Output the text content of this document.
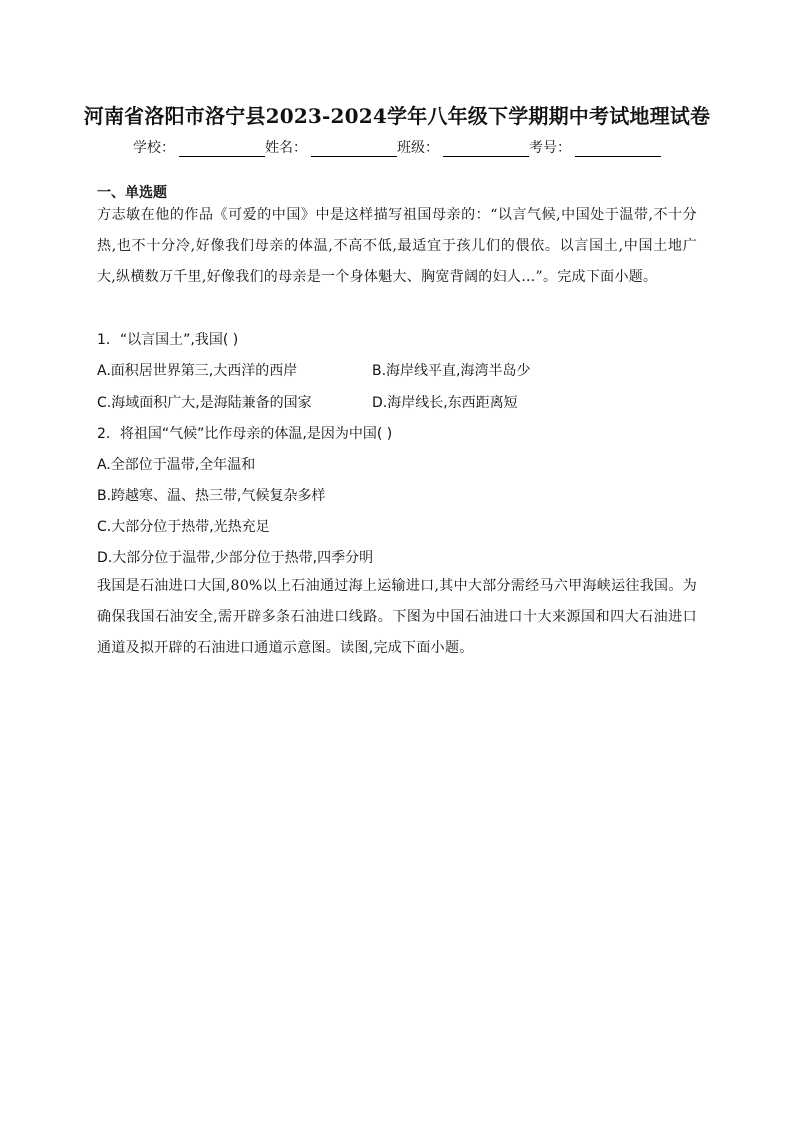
河南省洛阳市洛宁县2023-2024学年八年级下学期期中考试地理试卷
学校：	姓名：	班级：	考号：
一、单选题
方志敏在他的作品《可爱的中国》中是这样描写祖国母亲的：“以言气候,中国处于温带,不十分热,也不十分冷,好像我们母亲的体温,不高不低,最适宜于孩儿们的偎依。以言国土,中国土地广大,纵横数万千里,好像我们的母亲是一个身体魁大、胸宽背阔的妇人…”。完成下面小题。
1．“以言国土”,我国( )
A.面积居世界第三,大西洋的西岸	B.海岸线平直,海湾半岛少
C.海域面积广大,是海陆兼备的国家	D.海岸线长,东西距离短
2．将祖国“气候”比作母亲的体温,是因为中国( )
A.全部位于温带,全年温和
B.跨越寒、温、热三带,气候复杂多样
C.大部分位于热带,光热充足
D.大部分位于温带,少部分位于热带,四季分明
我国是石油进口大国,80%以上石油通过海上运输进口,其中大部分需经马六甲海峡运往我国。为确保我国石油安全,需开辟多条石油进口线路。下图为中国石油进口十大来源国和四大石油进口通道及拟开辟的石油进口通道示意图。读图,完成下面小题。
